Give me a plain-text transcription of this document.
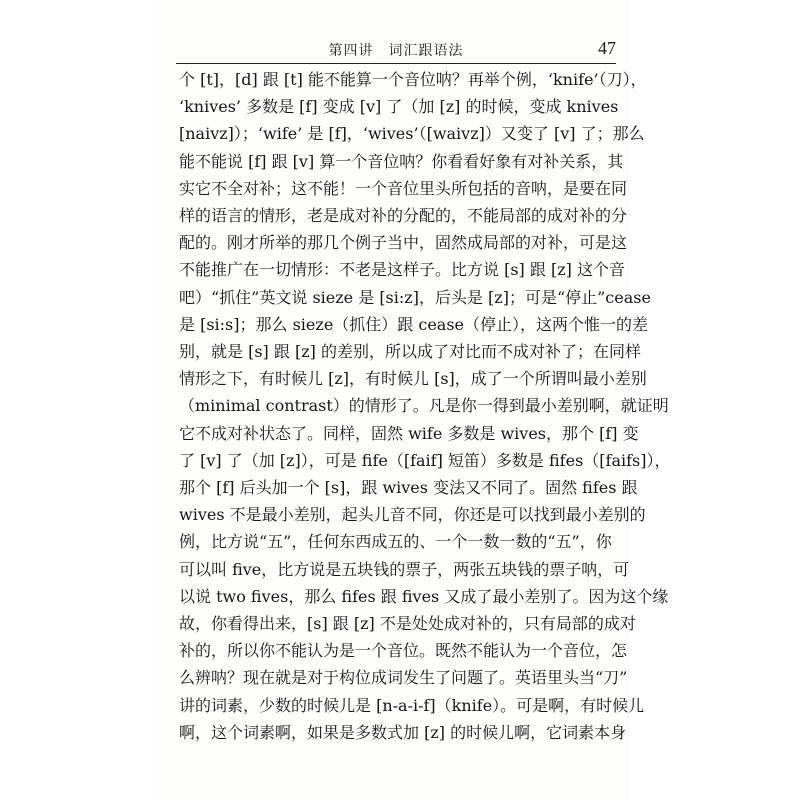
第四讲　词汇跟语法	47
个 [t]，[d] 跟 [t] 能不能算一个音位呐？再举个例，‘knife’（刀），
‘knives’ 多数是 [f] 变成 [v] 了（加 [z] 的时候，变成 knives
[naivz]）；‘wife’ 是 [f]，‘wives’（[waivz]）又变了 [v] 了；那么
能不能说 [f] 跟 [v] 算一个音位呐？你看看好象有对补关系，其
实它不全对补；这不能！一个音位里头所包括的音呐，是要在同
样的语言的情形，老是成对补的分配的，不能局部的成对补的分
配的。刚才所举的那几个例子当中，固然成局部的对补，可是这
不能推广在一切情形：不老是这样子。比方说 [s] 跟 [z] 这个音
吧）“抓住”英文说 sieze 是 [si:z]，后头是 [z]；可是“停止”cease
是 [si:s]；那么 sieze（抓住）跟 cease（停止），这两个惟一的差
别，就是 [s] 跟 [z] 的差别，所以成了对比而不成对补了；在同样
情形之下，有时候儿 [z]，有时候儿 [s]，成了一个所谓叫最小差别
（minimal contrast）的情形了。凡是你一得到最小差别啊，就证明
它不成对补状态了。同样，固然 wife 多数是 wives，那个 [f] 变
了 [v] 了（加 [z]），可是 fife（[faif] 短笛）多数是 fifes（[faifs]），
那个 [f] 后头加一个 [s]，跟 wives 变法又不同了。固然 fifes 跟
wives 不是最小差别，起头儿音不同，你还是可以找到最小差别的
例，比方说“五”，任何东西成五的、一个一数一数的“五”，你
可以叫 five，比方说是五块钱的票子，两张五块钱的票子呐，可
以说 two fives，那么 fifes 跟 fives 又成了最小差别了。因为这个缘
故，你看得出来，[s] 跟 [z] 不是处处成对补的，只有局部的成对
补的，所以你不能认为是一个音位。既然不能认为一个音位，怎
么辨呐？现在就是对于构位成词发生了问题了。英语里头当“刀”
讲的词素，少数的时候儿是 [n-a-i-f]（knife）。可是啊，有时候儿
啊，这个词素啊，如果是多数式加 [z] 的时候儿啊，它词素本身
